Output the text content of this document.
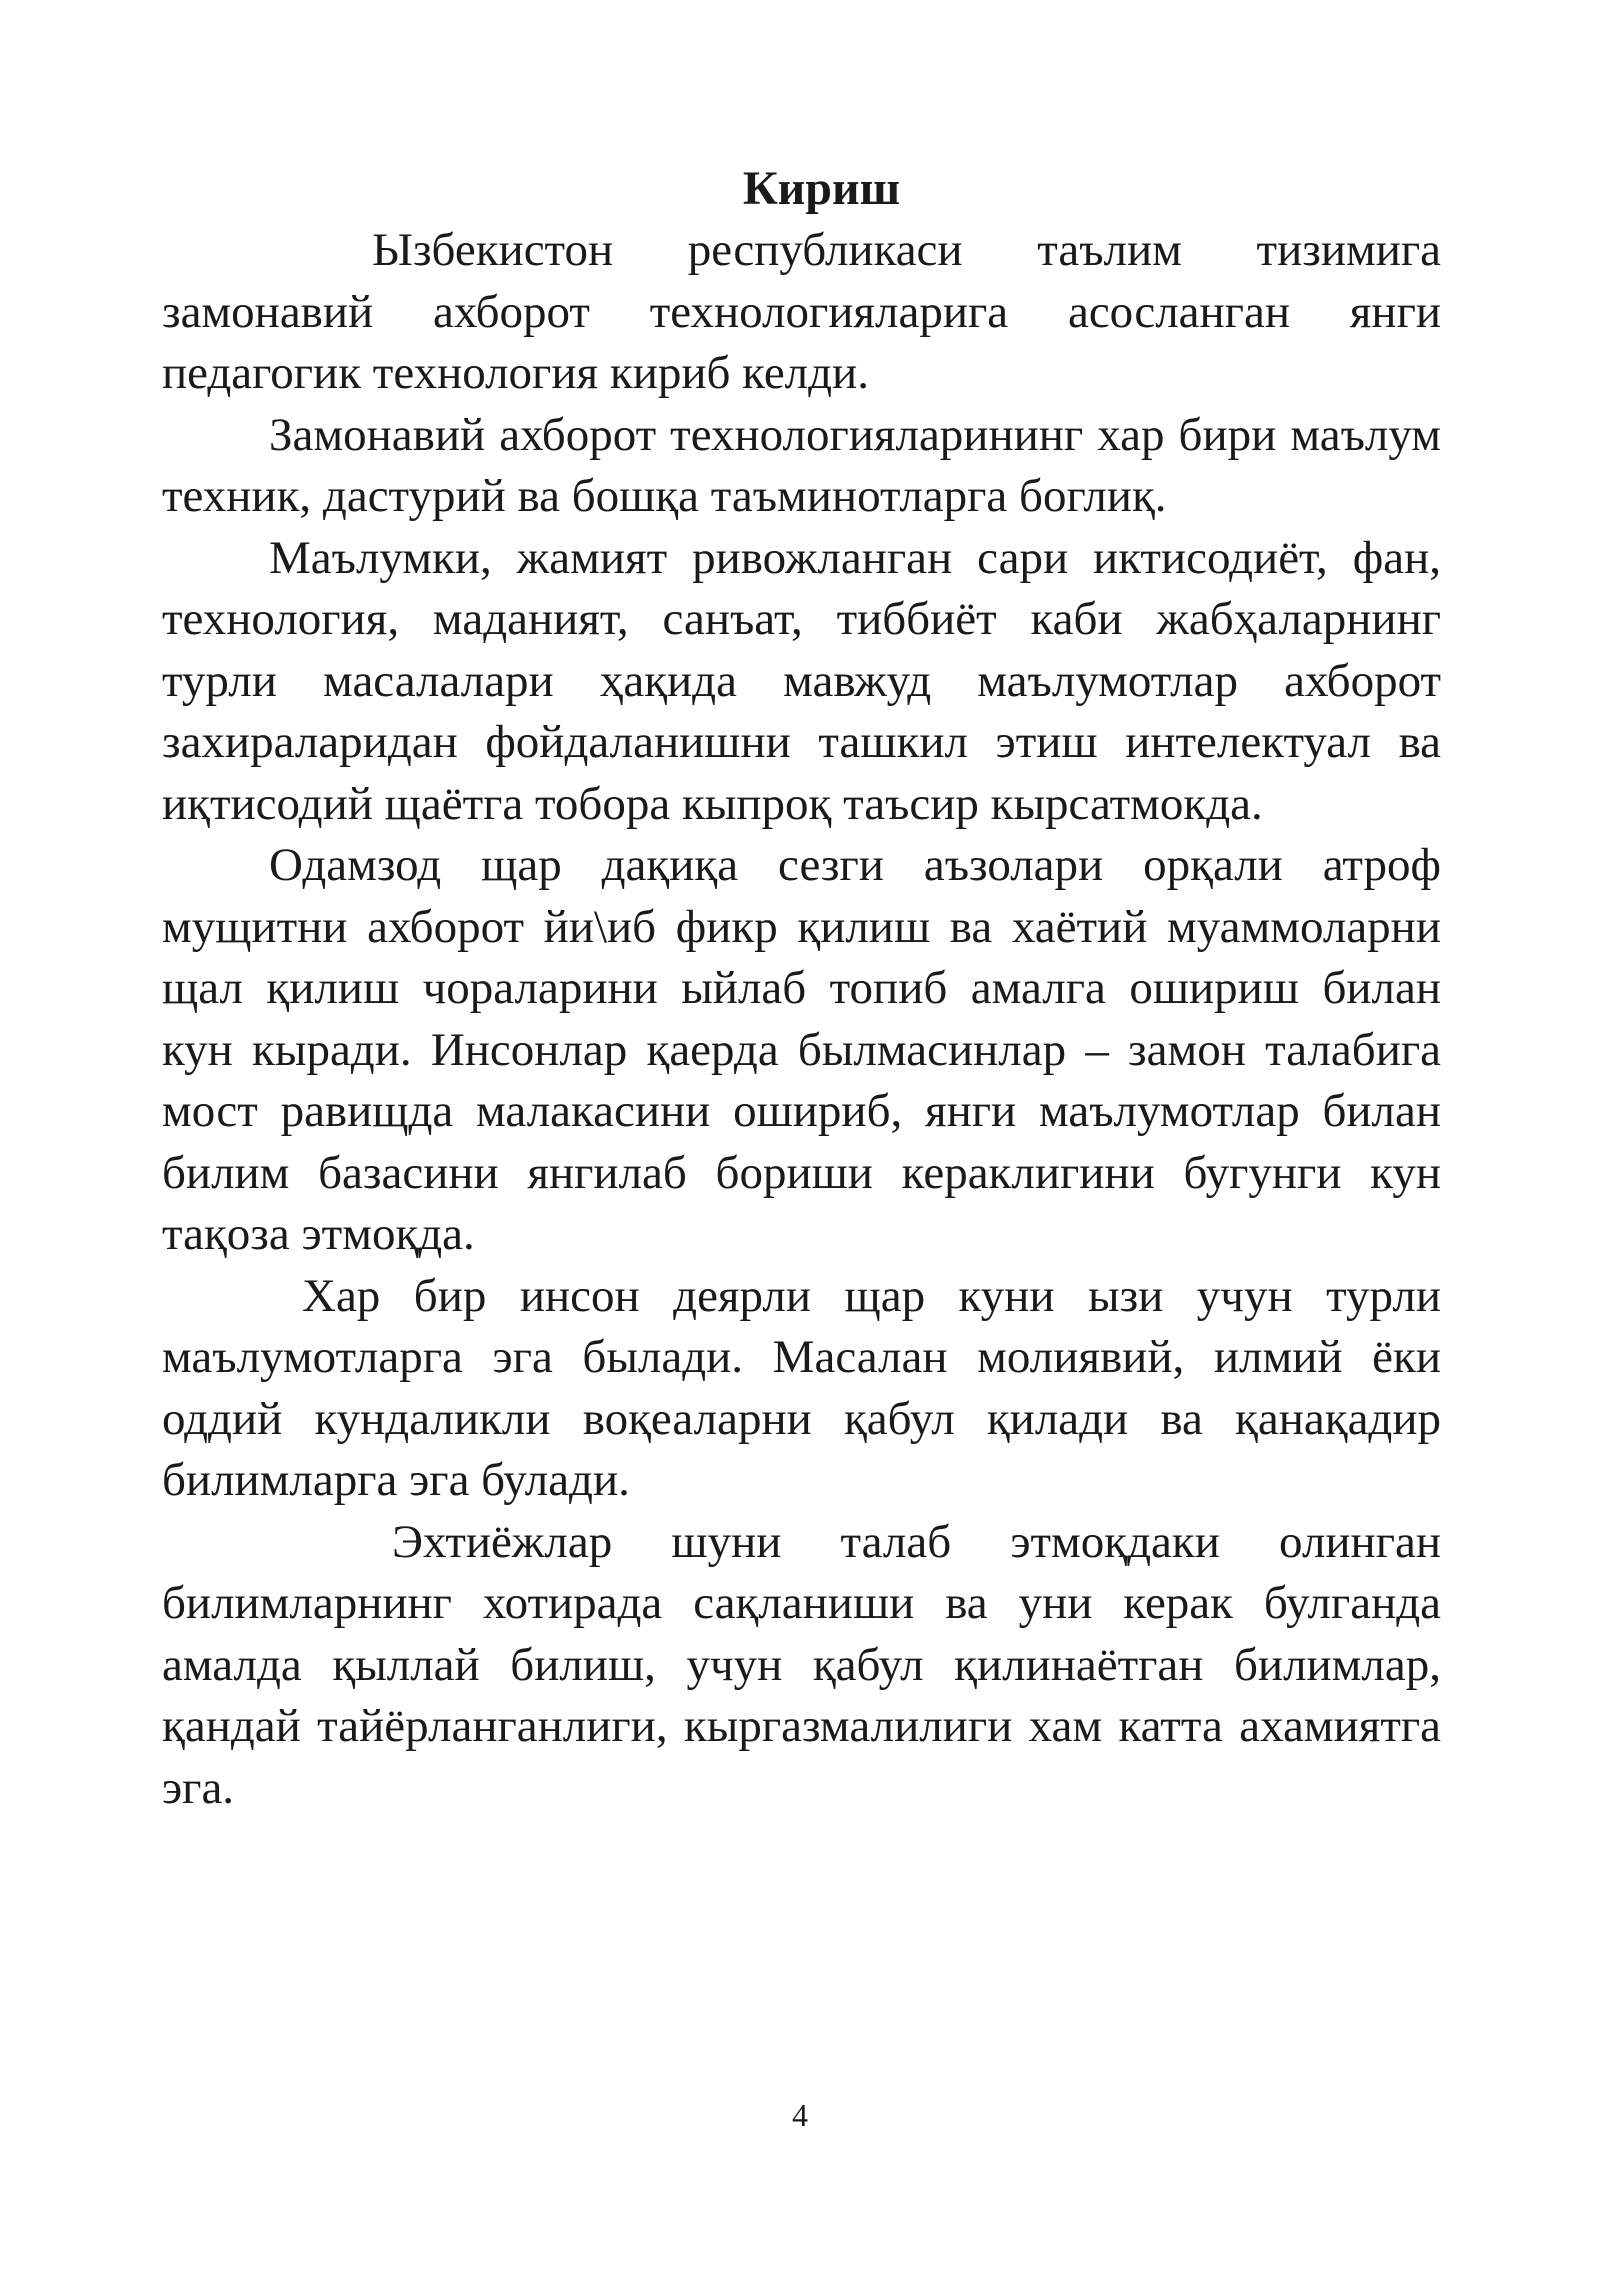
Кириш

Ызбекистон республикаси таълим тизимига замонавий ахборот технологияларига асосланган янги педагогик технология кириб келди.

Замонавий ахборот технологияларининг хар бири маълум техник, дастурий ва бошқа таъминотларга боглиқ.

Маълумки, жамият ривожланган сари иктисодиёт, фан, технология, маданият, санъат, тиббиёт каби жабҳаларнинг турли масалалари ҳақида мавжуд маълумотлар ахборот захираларидан фойдаланишни ташкил этиш интелектуал ва иқтисодий щаётга тобора кыпроқ таъсир кырсатмокда.

Одамзод щар дақиқа сезги аъзолари орқали атроф мущитни ахборот йи\иб фикр қилиш ва хаётий муаммоларни щал қилиш чораларини ыйлаб топиб амалга ошириш билан кун кыради. Инсонлар қаерда былмасинлар – замон талабига мост равищда малакасини ошириб, янги маълумотлар билан билим базасини янгилаб бориши кераклигини бугунги кун тақоза этмоқда.

Хар бир инсон деярли щар куни ызи учун турли маълумотларга эга былади. Масалан молиявий, илмий ёки оддий кундаликли воқеаларни қабул қилади ва қанақадир билимларга эга булади.

Эхтиёжлар шуни талаб этмоқдаки олинган билимларнинг хотирада сақланиши ва уни керак булганда амалда қыллай билиш, учун қабул қилинаётган билимлар, қандай тайёрланганлиги, кыргазмалилиги хам катта ахамиятга эга.

4
